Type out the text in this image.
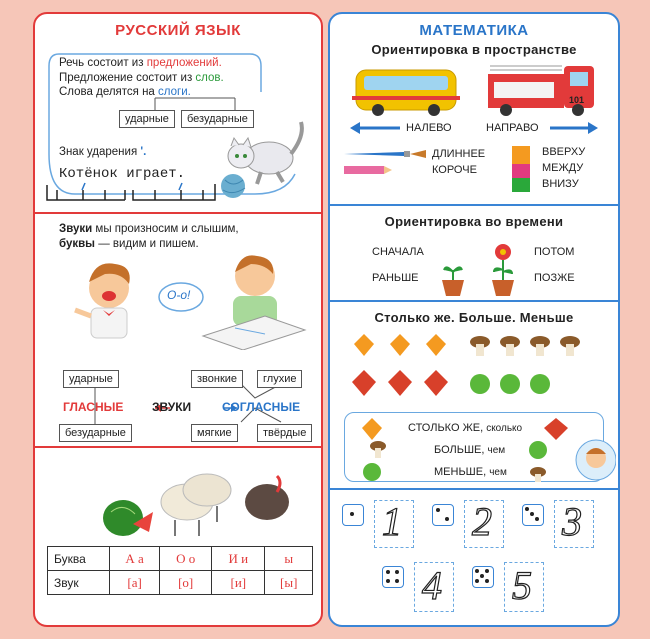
РУССКИЙ ЯЗЫК
Речь состоит из предложений.
Предложение состоит из слов.
Слова делятся на слоги.
ударные	безударные
Знак ударения ʹ.
Котёнок играет.
Звуки мы произносим и слышим,
буквы — видим и пишем.
О-о!
ударные
ГЛАСНЫЕ ЗВУКИ	СОГЛАСНЫЕ
безударные
звонкие	глухие
мягкие	твёрдые
Буква	А а	О о	И и	ы
Звук	[а]	[о]	[и]	[ы]
МАТЕМАТИКА
Ориентировка в пространстве
101
НАЛЕВО	НАПРАВО
ДЛИННЕЕ
КОРОЧЕ
ВВЕРХУ
МЕЖДУ
ВНИЗУ
Ориентировка во времени
СНАЧАЛА
РАНЬШЕ
ПОТОМ
ПОЗЖЕ
Столько же. Больше. Меньше
СТОЛЬКО ЖЕ, сколько
БОЛЬШЕ, чем
МЕНЬШЕ, чем
1 2 3
4 5
